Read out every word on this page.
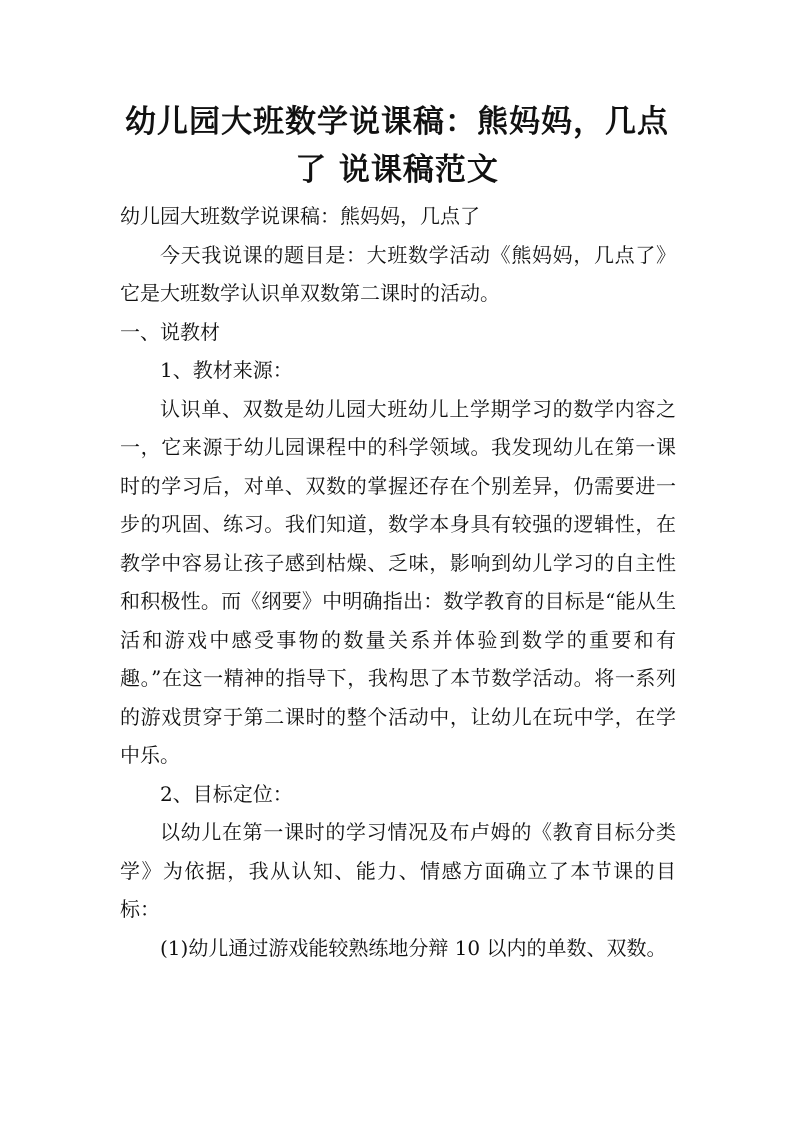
幼儿园大班数学说课稿：熊妈妈，几点
了 说课稿范文

幼儿园大班数学说课稿：熊妈妈，几点了

今天我说课的题目是：大班数学活动《熊妈妈，几点了》它是大班数学认识单双数第二课时的活动。

一、说教材

1、教材来源：

认识单、双数是幼儿园大班幼儿上学期学习的数学内容之一，它来源于幼儿园课程中的科学领域。我发现幼儿在第一课时的学习后，对单、双数的掌握还存在个别差异，仍需要进一步的巩固、练习。我们知道，数学本身具有较强的逻辑性，在教学中容易让孩子感到枯燥、乏味，影响到幼儿学习的自主性和积极性。而《纲要》中明确指出：数学教育的目标是“能从生活和游戏中感受事物的数量关系并体验到数学的重要和有趣。”在这一精神的指导下，我构思了本节数学活动。将一系列的游戏贯穿于第二课时的整个活动中，让幼儿在玩中学，在学中乐。

2、目标定位：

以幼儿在第一课时的学习情况及布卢姆的《教育目标分类学》为依据，我从认知、能力、情感方面确立了本节课的目标：

(1)幼儿通过游戏能较熟练地分辩 10 以内的单数、双数。
